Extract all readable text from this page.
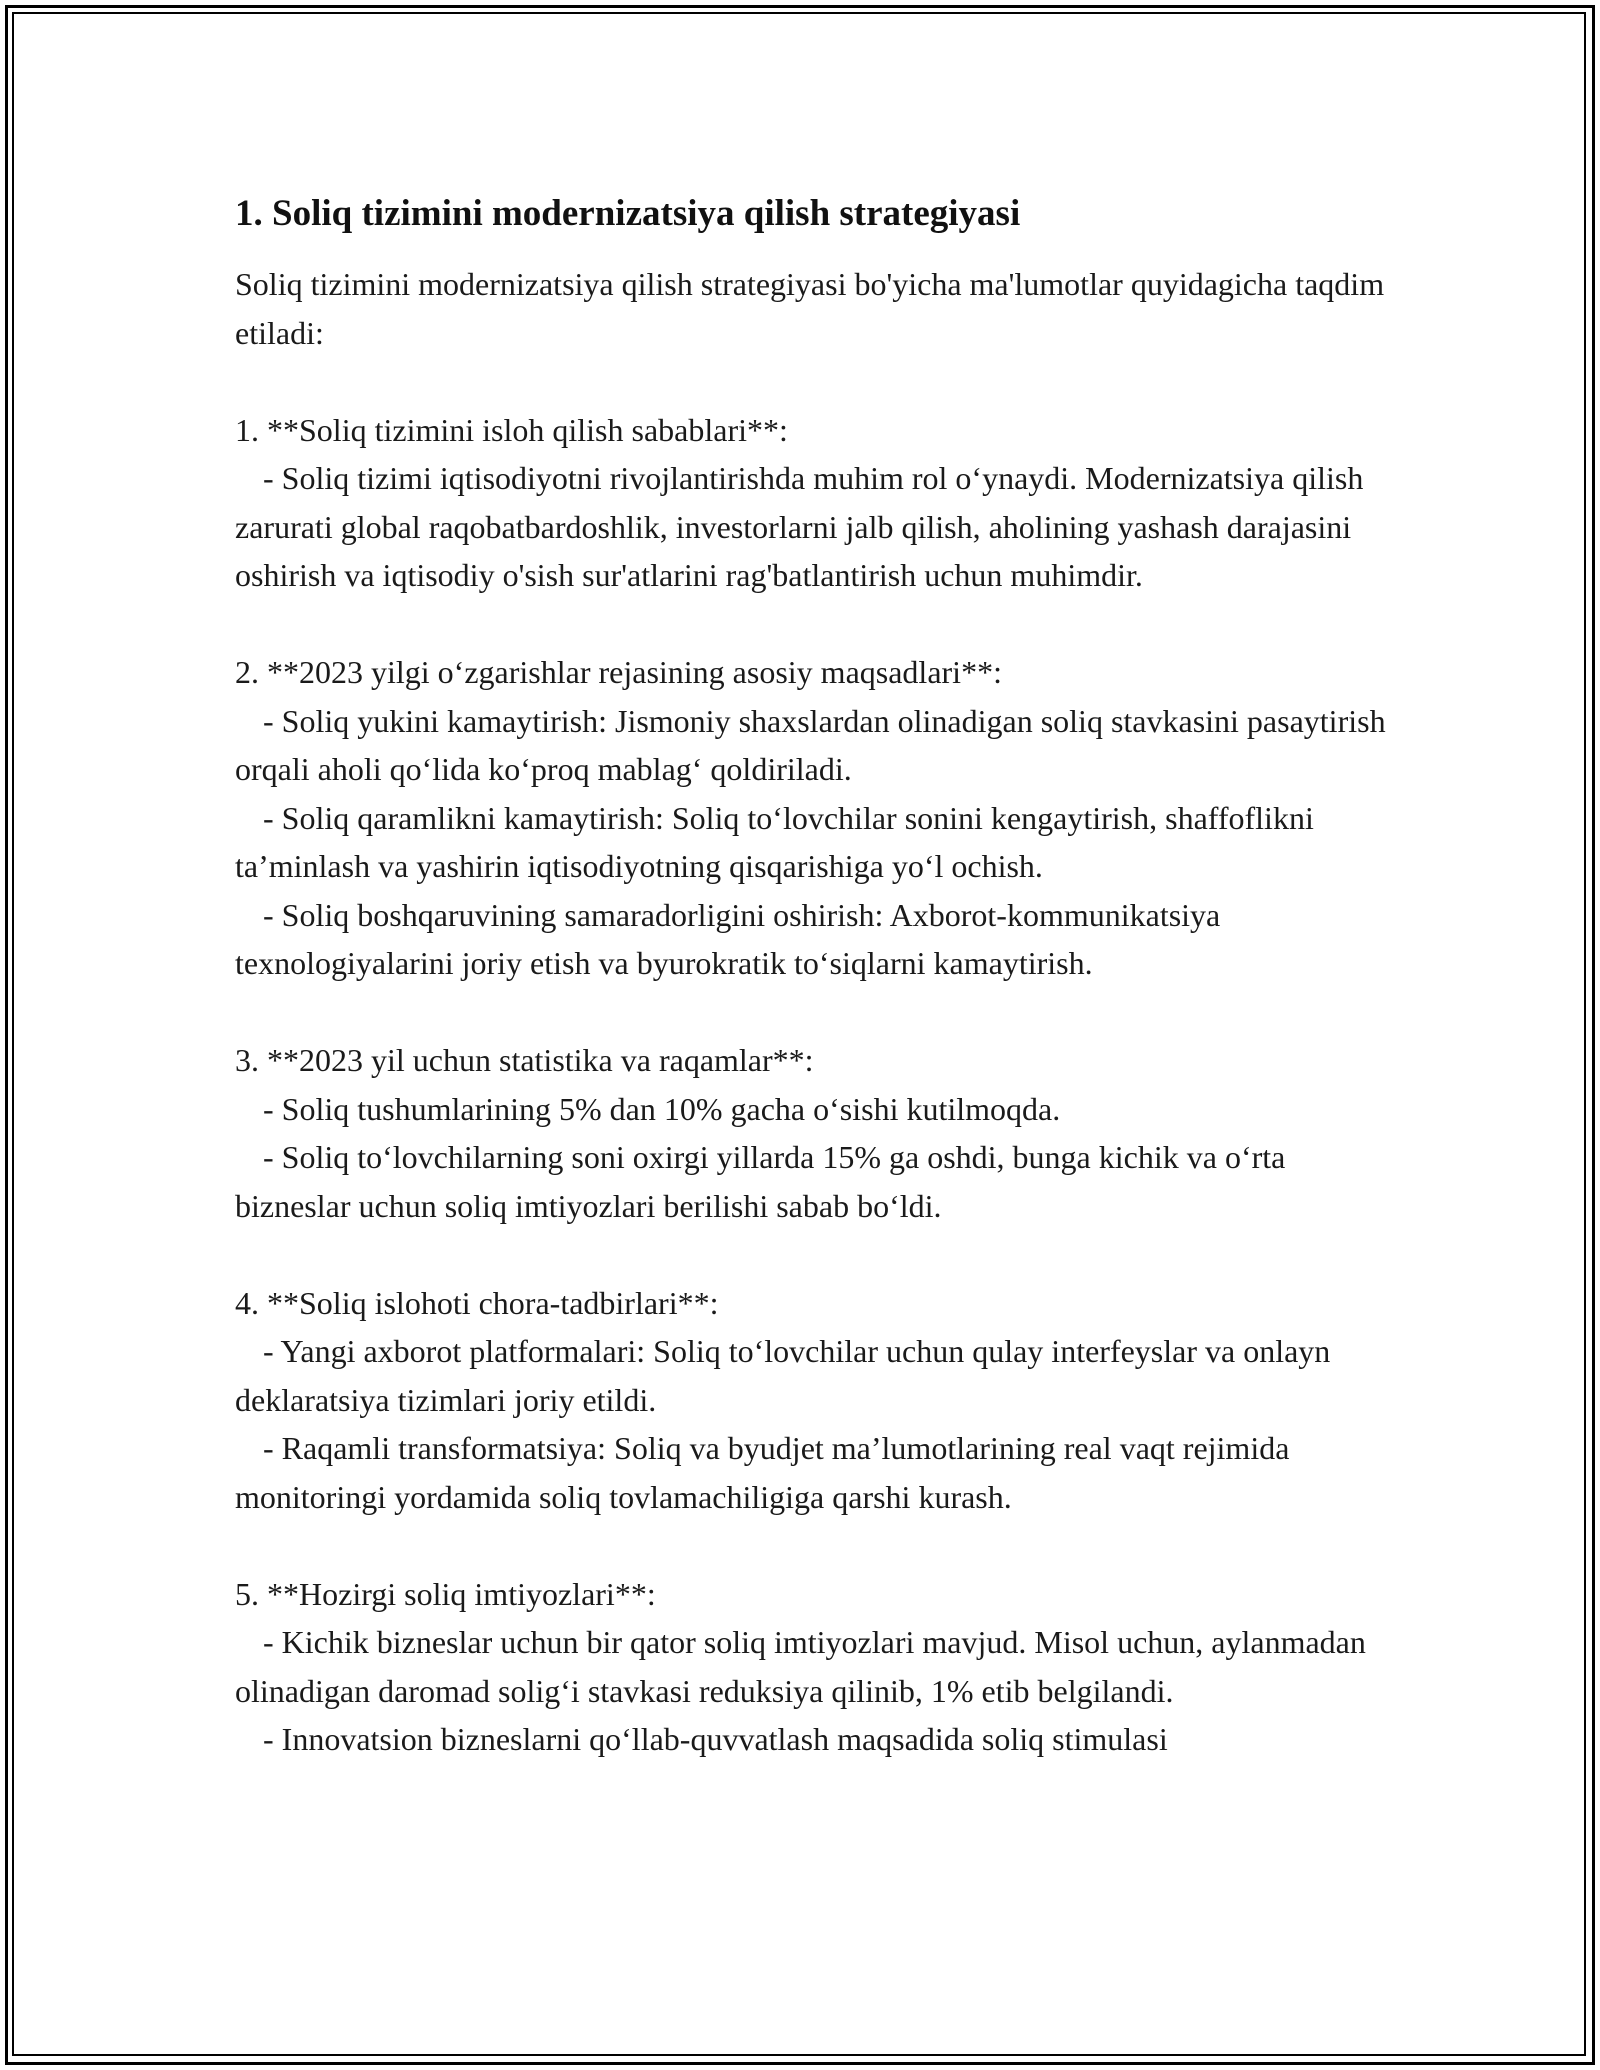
1. Soliq tizimini modernizatsiya qilish strategiyasi

Soliq tizimini modernizatsiya qilish strategiyasi bo'yicha ma'lumotlar quyidagicha taqdim etiladi:

1. **Soliq tizimini isloh qilish sabablari**:

- Soliq tizimi iqtisodiyotni rivojlantirishda muhim rol o‘ynaydi. Modernizatsiya qilish zarurati global raqobatbardoshlik, investorlarni jalb qilish, aholining yashash darajasini oshirish va iqtisodiy o'sish sur'atlarini rag'batlantirish uchun muhimdir.

2. **2023 yilgi o‘zgarishlar rejasining asosiy maqsadlari**:

- Soliq yukini kamaytirish: Jismoniy shaxslardan olinadigan soliq stavkasini pasaytirish orqali aholi qo‘lida ko‘proq mablag‘ qoldiriladi.

- Soliq qaramlikni kamaytirish: Soliq to‘lovchilar sonini kengaytirish, shaffoflikni ta’minlash va yashirin iqtisodiyotning qisqarishiga yo‘l ochish.

- Soliq boshqaruvining samaradorligini oshirish: Axborot-kommunikatsiya texnologiyalarini joriy etish va byurokratik to‘siqlarni kamaytirish.

3. **2023 yil uchun statistika va raqamlar**:

- Soliq tushumlarining 5% dan 10% gacha o‘sishi kutilmoqda.

- Soliq to‘lovchilarning soni oxirgi yillarda 15% ga oshdi, bunga kichik va o‘rta bizneslar uchun soliq imtiyozlari berilishi sabab bo‘ldi.

4. **Soliq islohoti chora-tadbirlari**:

- Yangi axborot platformalari: Soliq to‘lovchilar uchun qulay interfeyslar va onlayn deklaratsiya tizimlari joriy etildi.

- Raqamli transformatsiya: Soliq va byudjet ma’lumotlarining real vaqt rejimida monitoringi yordamida soliq tovlamachiligiga qarshi kurash.

5. **Hozirgi soliq imtiyozlari**:

- Kichik bizneslar uchun bir qator soliq imtiyozlari mavjud. Misol uchun, aylanmadan olinadigan daromad solig‘i stavkasi reduksiya qilinib, 1% etib belgilandi.

- Innovatsion bizneslarni qo‘llab-quvvatlash maqsadida soliq stimulasi
